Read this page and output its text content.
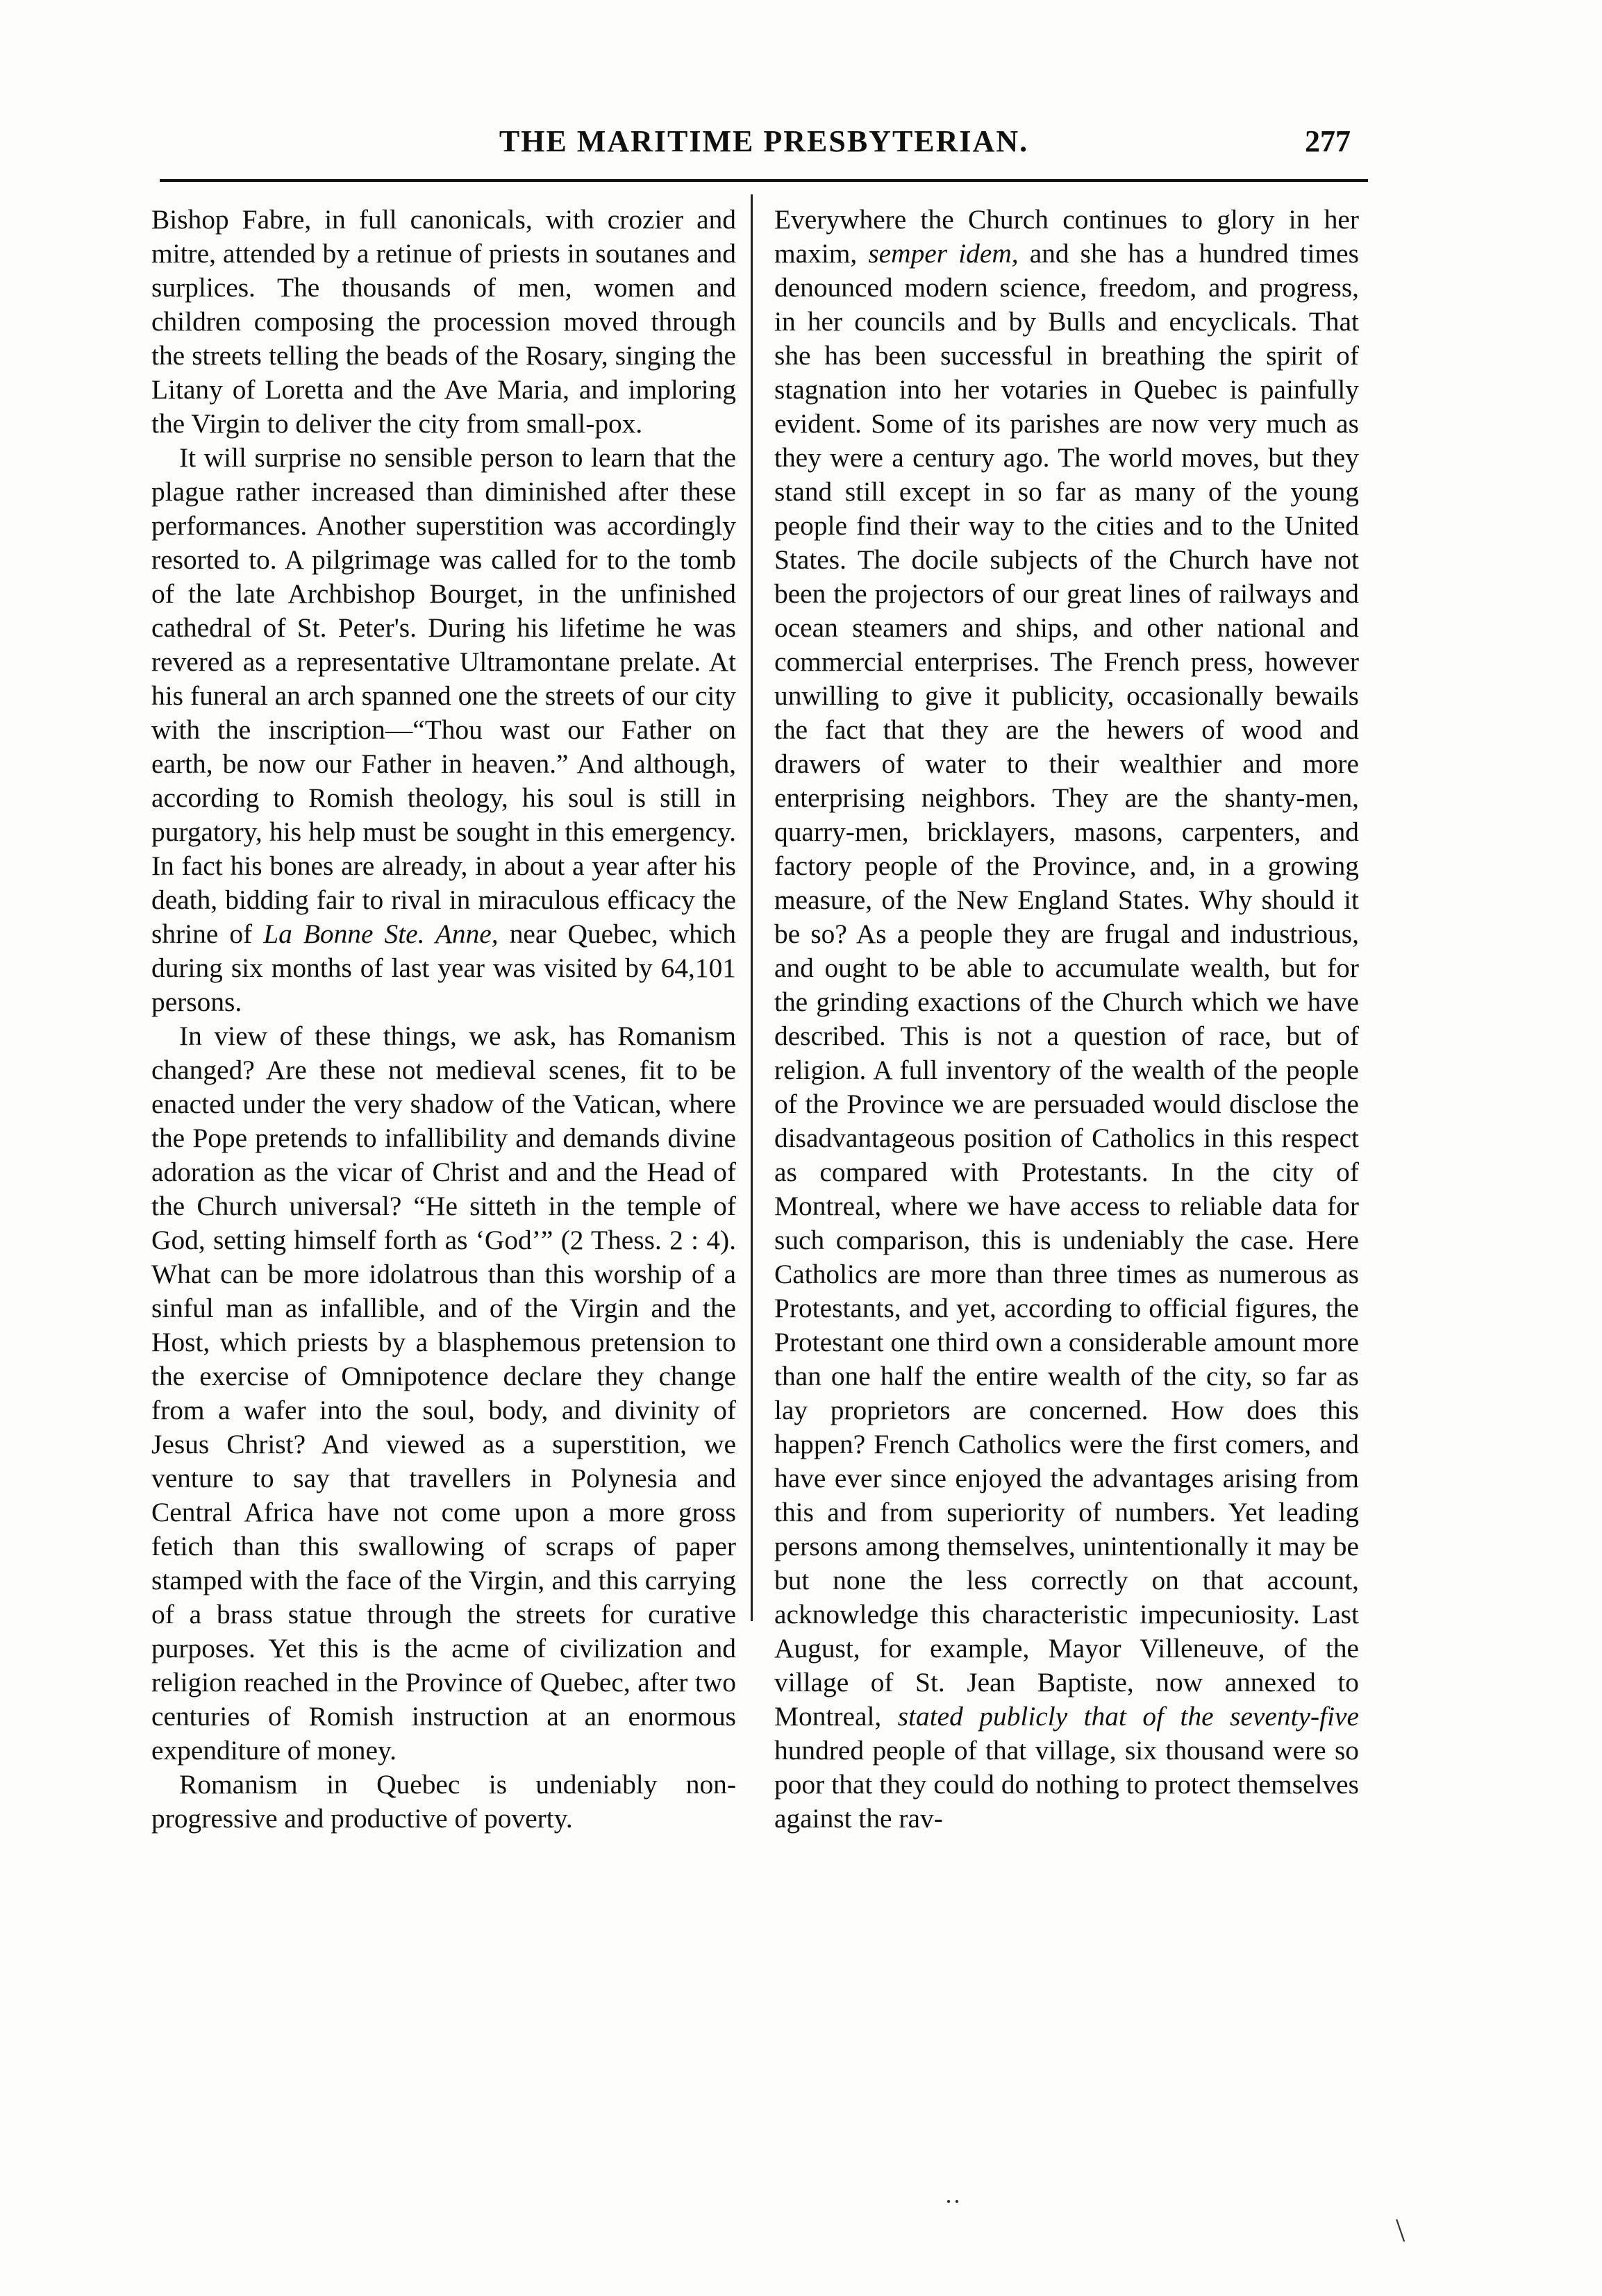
THE MARITIME PRESBYTERIAN.	277

Bishop Fabre, in full canonicals, with crozier and mitre, attended by a retinue of priests in soutanes and surplices. The thousands of men, women and children composing the procession moved through the streets telling the beads of the Rosary, singing the Litany of Loretta and the Ave Maria, and imploring the Virgin to deliver the city from small-pox.

It will surprise no sensible person to learn that the plague rather increased than diminished after these performances. Another superstition was accordingly resorted to. A pilgrimage was called for to the tomb of the late Archbishop Bourget, in the unfinished cathedral of St. Peter's. During his lifetime he was revered as a representative Ultramontane prelate. At his funeral an arch spanned one the streets of our city with the inscription—“Thou wast our Father on earth, be now our Father in heaven.” And although, according to Romish theology, his soul is still in purgatory, his help must be sought in this emergency. In fact his bones are already, in about a year after his death, bidding fair to rival in miraculous efficacy the shrine of La Bonne Ste. Anne, near Quebec, which during six months of last year was visited by 64,101 persons.

In view of these things, we ask, has Romanism changed? Are these not medieval scenes, fit to be enacted under the very shadow of the Vatican, where the Pope pretends to infallibility and demands divine adoration as the vicar of Christ and and the Head of the Church universal? “He sitteth in the temple of God, setting himself forth as ‘God’” (2 Thess. 2 : 4). What can be more idolatrous than this worship of a sinful man as infallible, and of the Virgin and the Host, which priests by a blasphemous pretension to the exercise of Omnipotence declare they change from a wafer into the soul, body, and divinity of Jesus Christ? And viewed as a superstition, we venture to say that travellers in Polynesia and Central Africa have not come upon a more gross fetich than this swallowing of scraps of paper stamped with the face of the Virgin, and this carrying of a brass statue through the streets for curative purposes. Yet this is the acme of civilization and religion reached in the Province of Quebec, after two centuries of Romish instruction at an enormous expenditure of money.

Romanism in Quebec is undeniably non-progressive and productive of poverty.

Everywhere the Church continues to glory in her maxim, semper idem, and she has a hundred times denounced modern science, freedom, and progress, in her councils and by Bulls and encyclicals. That she has been successful in breathing the spirit of stagnation into her votaries in Quebec is painfully evident. Some of its parishes are now very much as they were a century ago. The world moves, but they stand still except in so far as many of the young people find their way to the cities and to the United States. The docile subjects of the Church have not been the projectors of our great lines of railways and ocean steamers and ships, and other national and commercial enterprises. The French press, however unwilling to give it publicity, occasionally bewails the fact that they are the hewers of wood and drawers of water to their wealthier and more enterprising neighbors. They are the shanty-men, quarry-men, bricklayers, masons, carpenters, and factory people of the Province, and, in a growing measure, of the New England States. Why should it be so? As a people they are frugal and industrious, and ought to be able to accumulate wealth, but for the grinding exactions of the Church which we have described. This is not a question of race, but of religion. A full inventory of the wealth of the people of the Province we are persuaded would disclose the disadvantageous position of Catholics in this respect as compared with Protestants. In the city of Montreal, where we have access to reliable data for such comparison, this is undeniably the case. Here Catholics are more than three times as numerous as Protestants, and yet, according to official figures, the Protestant one third own a considerable amount more than one half the entire wealth of the city, so far as lay proprietors are concerned. How does this happen? French Catholics were the first comers, and have ever since enjoyed the advantages arising from this and from superiority of numbers. Yet leading persons among themselves, unintentionally it may be but none the less correctly on that account, acknowledge this characteristic impecuniosity. Last August, for example, Mayor Villeneuve, of the village of St. Jean Baptiste, now annexed to Montreal, stated publicly that of the seventy-five hundred people of that village, six thousand were so poor that they could do nothing to protect themselves against the rav-

··
\
